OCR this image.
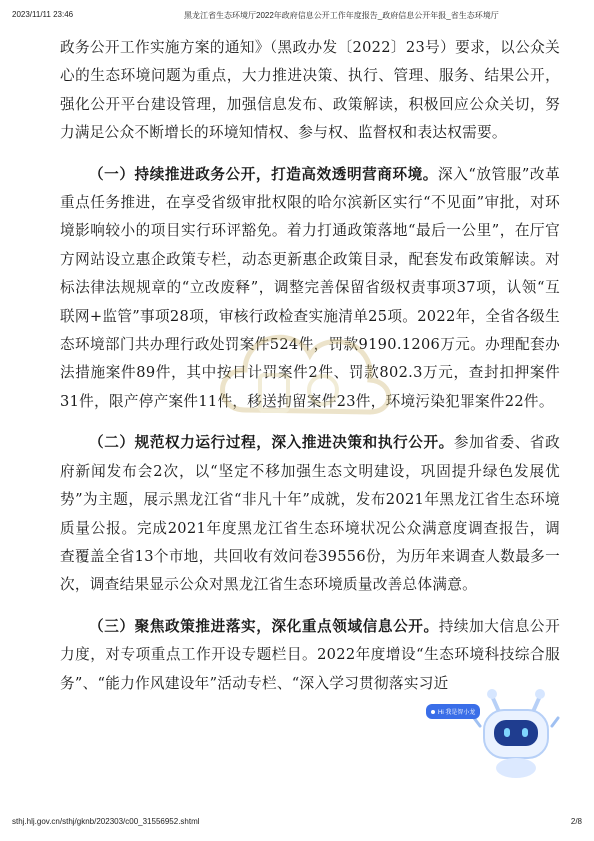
2023/11/11 23:46	黑龙江省生态环境厅2022年政府信息公开工作年度报告_政府信息公开年报_省生态环境厅

政务公开工作实施方案的通知》（黑政办发〔2022〕23号）要求，以公众关心的生态环境问题为重点，大力推进决策、执行、管理、服务、结果公开，强化公开平台建设管理，加强信息发布、政策解读，积极回应公众关切，努力满足公众不断增长的环境知情权、参与权、监督权和表达权需要。

（一）持续推进政务公开，打造高效透明营商环境。深入“放管服”改革重点任务推进，在享受省级审批权限的哈尔滨新区实行“不见面”审批，对环境影响较小的项目实行环评豁免。着力打通政策落地“最后一公里”，在厅官方网站设立惠企政策专栏，动态更新惠企政策目录，配套发布政策解读。对标法律法规规章的“立改废释”，调整完善保留省级权责事项37项，认领“互联网+监管”事项28项，审核行政检查实施清单25项。2022年，全省各级生态环境部门共办理行政处罚案件524件，罚款9190.1206万元。办理配套办法措施案件89件，其中按日计罚案件2件、罚款802.3万元，查封扣押案件31件，限产停产案件11件，移送拘留案件23件，环境污染犯罪案件22件。

（二）规范权力运行过程，深入推进决策和执行公开。参加省委、省政府新闻发布会2次，以“坚定不移加强生态文明建设，巩固提升绿色发展优势”为主题，展示黑龙江省“非凡十年”成就，发布2021年黑龙江省生态环境质量公报。完成2021年度黑龙江省生态环境状况公众满意度调查报告，调查覆盖全省13个市地，共回收有效问卷39556份，为历年来调查人数最多一次，调查结果显示公众对黑龙江省生态环境质量改善总体满意。

（三）聚焦政策推进落实，深化重点领域信息公开。持续加大信息公开力度，对专项重点工作开设专题栏目。2022年度增设“生态环境科技综合服务”、“能力作风建设年”活动专栏、“深入学习贯彻落实习近

Hi 我是智小龙
sthj.hlj.gov.cn/sthj/gknb/202303/c00_31556952.shtml	2/8
